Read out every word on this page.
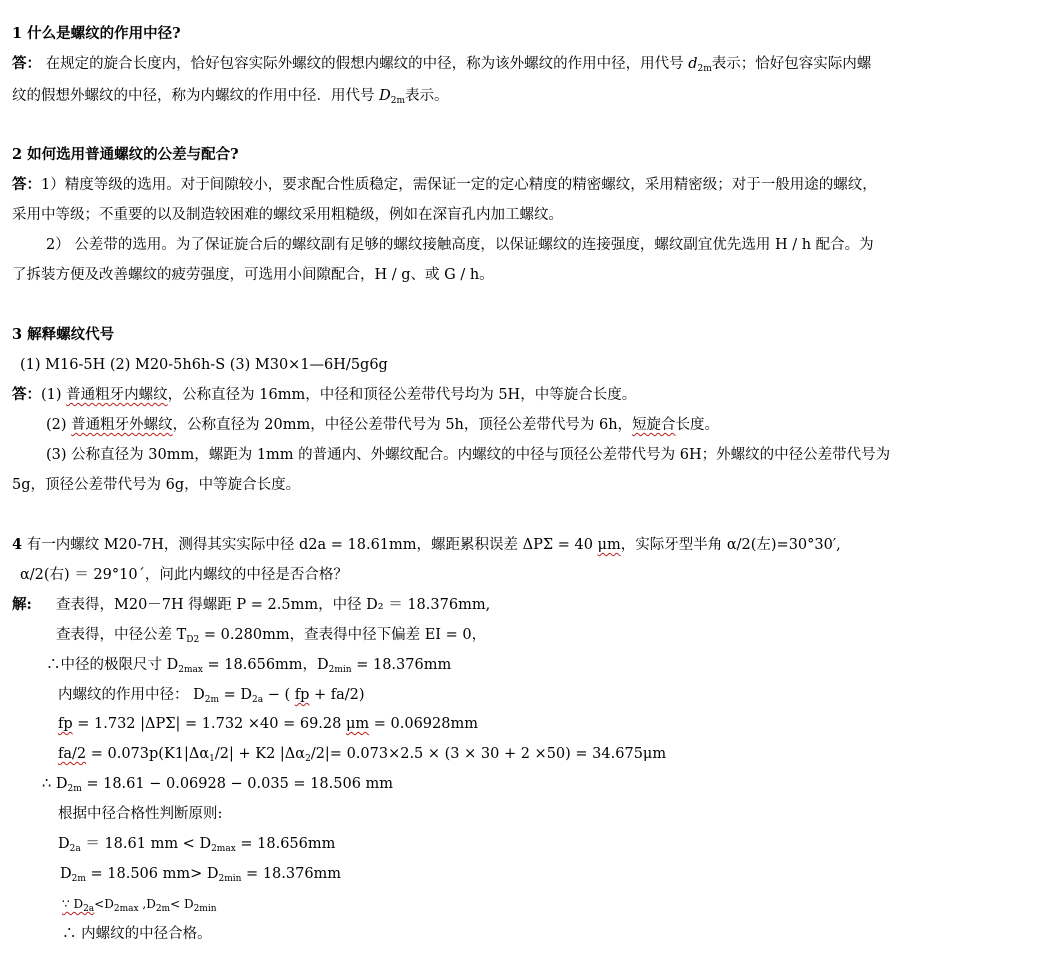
1 什么是螺纹的作用中径?
答： 在规定的旋合长度内，恰好包容实际外螺纹的假想内螺纹的中径，称为该外螺纹的作用中径，用代号 $d_{2m}$表示；恰好包容实际内螺
纹的假想外螺纹的中径，称为内螺纹的作用中径．用代号 $D_{2m}$表示。
2 如何选用普通螺纹的公差与配合?
答：1）精度等级的选用。对于间隙较小，要求配合性质稳定，需保证一定的定心精度的精密螺纹，采用精密级；对于一般用途的螺纹，
采用中等级；不重要的以及制造较困难的螺纹采用粗糙级，例如在深盲孔内加工螺纹。
2） 公差带的选用。为了保证旋合后的螺纹副有足够的螺纹接触高度，以保证螺纹的连接强度，螺纹副宜优先选用 H / h 配合。为
了拆装方便及改善螺纹的疲劳强度，可选用小间隙配合，H / g、或 G / h。
3 解释螺纹代号
(1) M16-5H (2) M20-5h6h-S (3) M30×1—6H/5g6g
答：(1) 普通粗牙内螺纹，公称直径为 16mm，中径和顶径公差带代号均为 5H，中等旋合长度。
(2) 普通粗牙外螺纹，公称直径为 20mm，中径公差带代号为 5h，顶径公差带代号为 6h，短旋合长度。
(3) 公称直径为 30mm，螺距为 1mm 的普通内、外螺纹配合。内螺纹的中径与顶径公差带代号为 6H；外螺纹的中径公差带代号为
5g，顶径公差带代号为 6g，中等旋合长度。
4 有一内螺纹 M20-7H，测得其实实际中径 d2a = 18.61mm，螺距累积误差 ΔPΣ = 40 μm，实际牙型半角 α/2(左)=30°30′,
α/2(右) ＝ 29°10´，问此内螺纹的中径是否合格？
解: 查表得，M20－7H 得螺距 P = 2.5mm，中径 D₂ ＝ 18.376mm,
查表得，中径公差 $T_{D2} = 0.280mm$，查表得中径下偏差 EI = 0，
∴中径的极限尺寸 $D_{2max} = 18.656mm$，$D_{2min} = 18.376mm$
内螺纹的作用中径： $D_{2m} = D_{2a}$ − ( fp + fa/2)
fp = 1.732 |ΔPΣ| = 1.732 ×40 = 69.28 μm = 0.06928mm
$fa/2 = 0.073p(K1|\Delta\alpha_1/2| + K2$ $|\Delta\alpha_2/2|= 0.073\times 2.5 \times (3 \times 30 + 2 \times 50) = 34.675\mu m$
∴ $D_{2m} = 18.61 - 0.06928 - 0.035 = 18.506$ mm
根据中径合格性判断原则:
$D_{2a} = 18.61$ mm < $D_{2max} = 18.656mm$
$D_{2m} = 18.506$ $mm> D_{2min} = 18.376mm$
∵ $D_{2a}<D_{2max}$ $,D_{2m}< D_{2min}$
∴ 内螺纹的中径合格。
